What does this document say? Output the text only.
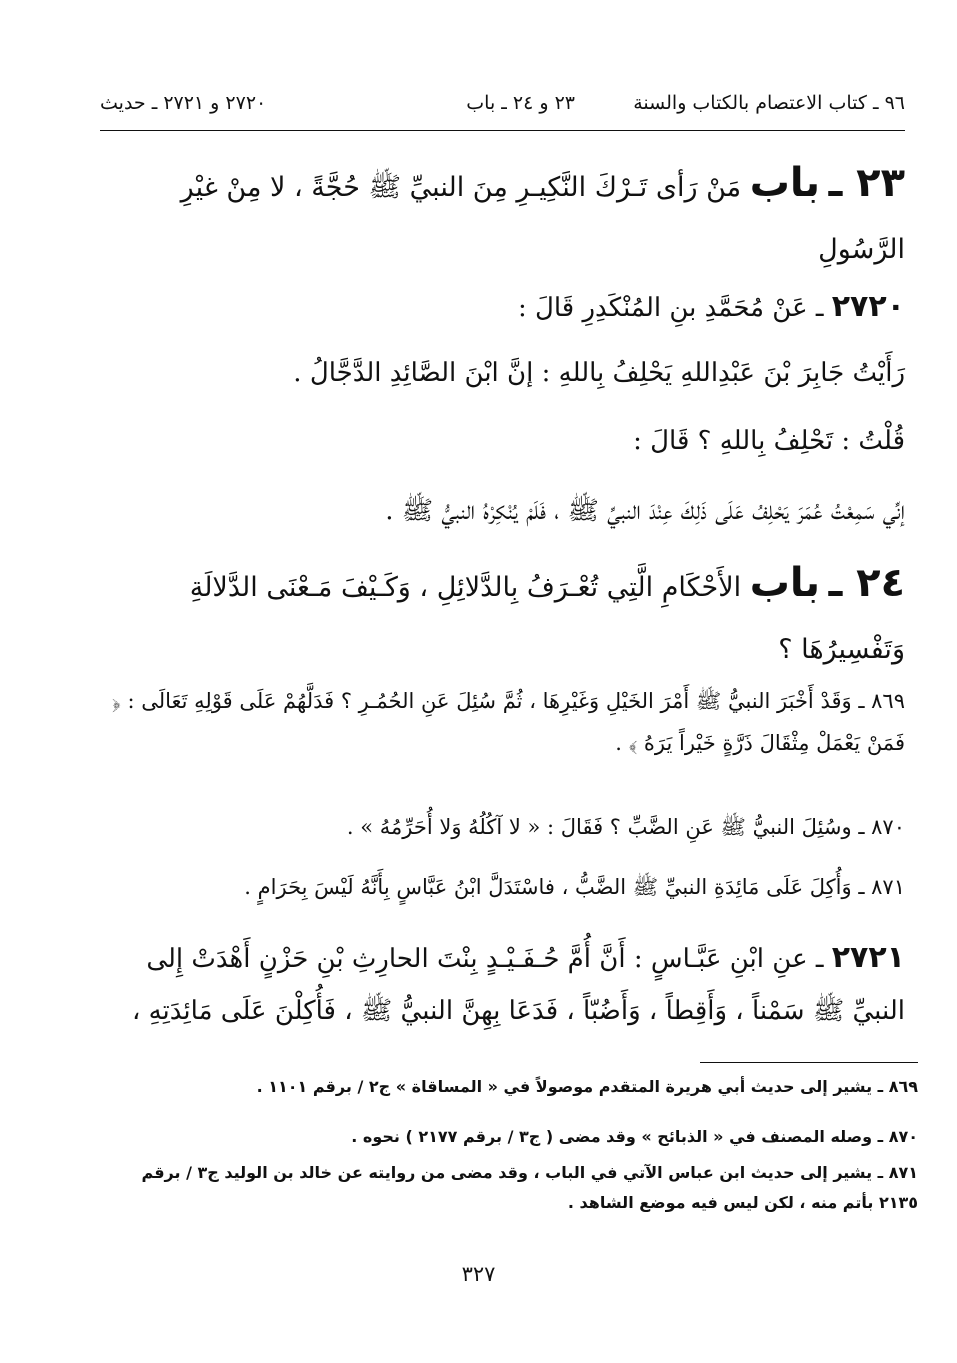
٩٦ ـ كتاب الاعتصام بالكتاب والسنة
٢٣ و ٢٤ ـ باب
٢٧٢٠ و ٢٧٢١ ـ حديث
٢٣ ـ باب مَنْ رَأى تَـرْكَ النَّكِيـرِ مِنَ النبيِّ ﷺ حُجَّةً ، لا مِنْ غيْرِ الرَّسُولِ
٢٧٢٠ ـ عَنْ مُحَمَّدِ بنِ المُنْكَدِرِ قَالَ :
رَأَيْتُ جَابِرَ بْنَ عَبْدِاللهِ يَحْلِفُ بِاللهِ : إنَّ ابْنَ الصَّائِدِ الدَّجَّالُ .
قُلْتُ : تَحْلِفُ بِاللهِ ؟ قَالَ :
إنِّي سَمِعْتُ عُمَرَ يَحْلِفُ عَلَى ذَلِكَ عِنْدَ النبيِّ ﷺ ، فَلَمْ يُنْكِرْهُ النبيُّ ﷺ .
٢٤ ـ باب الأَحْكَامِ الَّتِي تُعْـرَفُ بِالدَّلائِلِ ، وَكَـيْفَ مَـعْنَى الدَّلالَةِ وَتَفْسِيرُهَا ؟
٨٦٩ ـ وَقَدْ أَخْبَرَ النبيُّ ﷺ أَمْرَ الخَيْلِ وَغَيْرِهَا ، ثُمَّ سُئِلَ عَنِ الحُمُـرِ ؟ فَدَلَّهُمْ عَلَى قَوْلِهِ تَعَالَى : ﴿ فَمَنْ يَعْمَلْ مِثْقَالَ ذَرَّةٍ خَيْراً يَرَهُ ﴾ .
٨٧٠ ـ وسُئِلَ النبيُّ ﷺ عَنِ الضَّبِّ ؟ فَقَالَ : « لا آكُلُهُ وَلا أُحَرِّمُهُ » .
٨٧١ ـ وَأُكِلَ عَلَى مَائِدَةِ النبيِّ ﷺ الضَّبُّ ، فاسْتَدَلَّ ابْنُ عَبَّاسٍ بِأَنَّهُ لَيْسَ بِحَرَامٍ .
٢٧٢١ ـ عنِ ابْنِ عَبَّـاسٍ : أَنَّ أُمَّ حُـفَـيْـدٍ بِنْتَ الحارِثِ بْنِ حَزْنٍ أَهْدَتْ إِلى النبيِّ ﷺ سَمْناً ، وَأَقِطاً ، وَأَضُبّاً ، فَدَعَا بِهِنَّ النبيُّ ﷺ ، فَأُكِلْنَ عَلَى مَائِدَتِهِ ،
٨٦٩ ـ يشير إلى حديث أبي هريرة المتقدم موصولاً في « المساقاة » ج٢ / برقم ١١٠١ .
٨٧٠ ـ وصله المصنف في « الذبائح » وقد مضى ( ج٣ / برقم ٢١٧٧ ) نحوه .
٨٧١ ـ يشير إلى حديث ابن عباس الآتي في الباب ، وقد مضى من روايته عن خالد بن الوليد ج٣ / برقم ٢١٣٥ بأتم منه ، لكن ليس فيه موضع الشاهد .
٣٢٧
